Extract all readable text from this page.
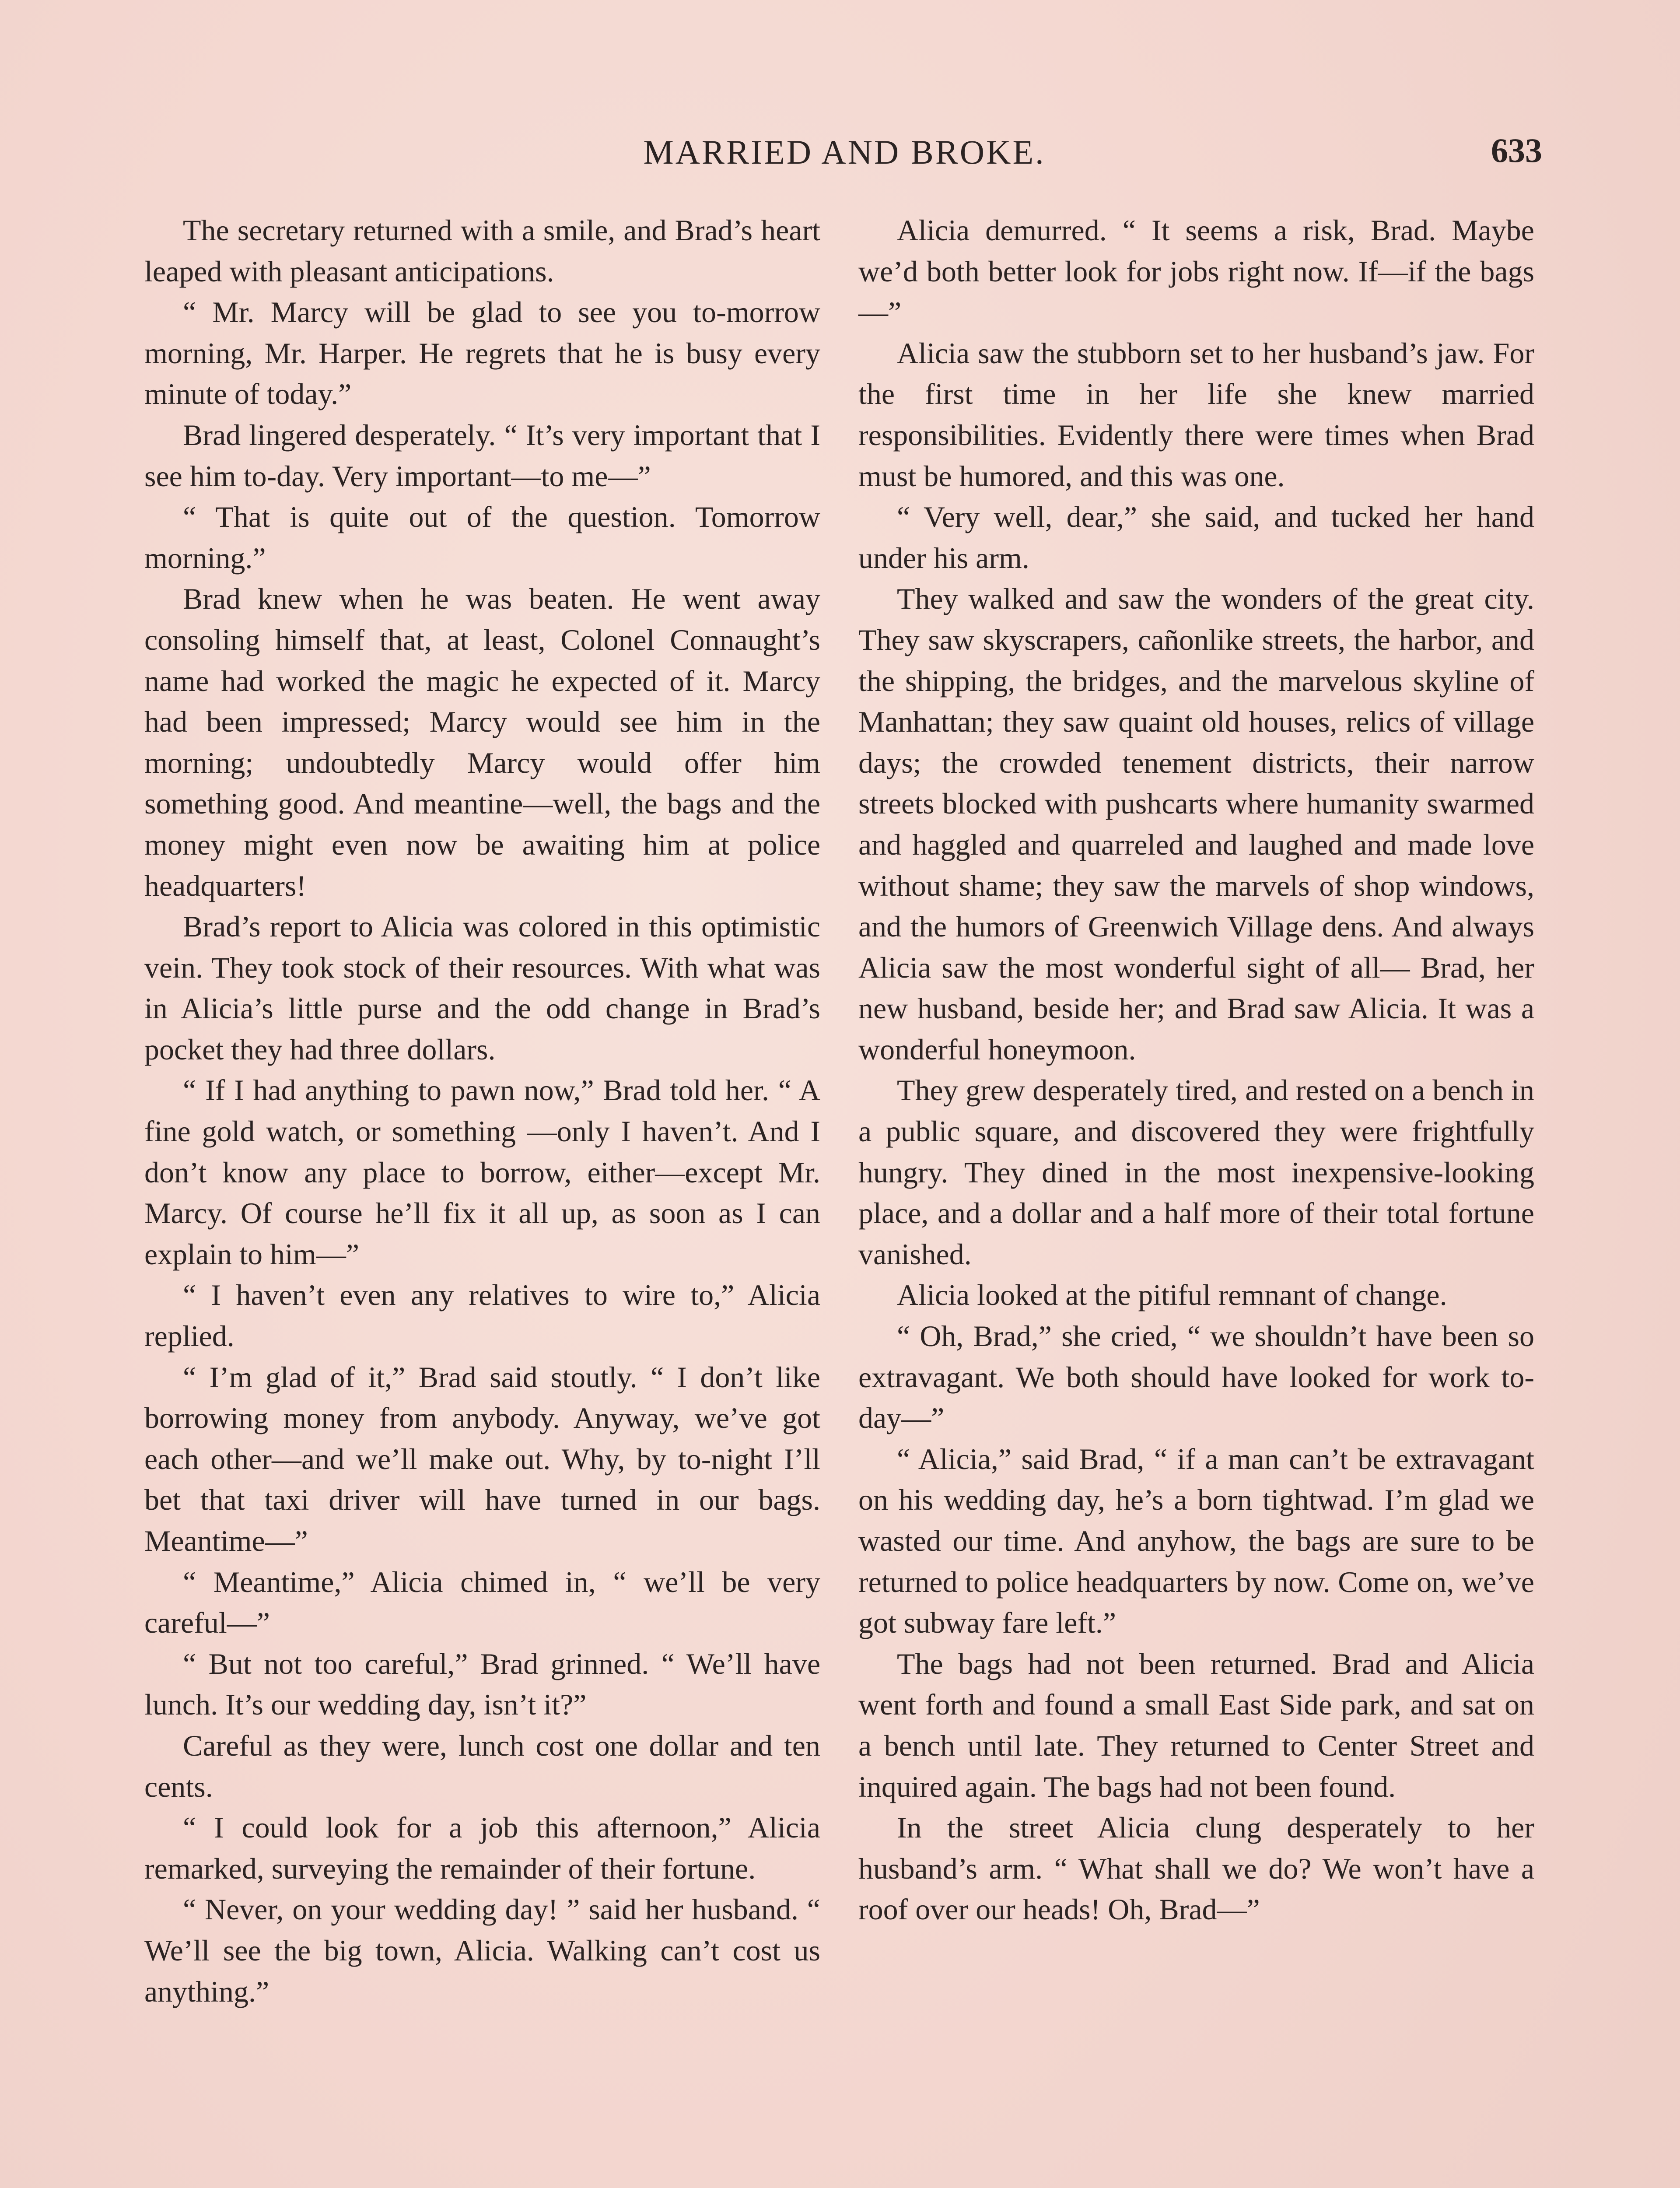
MARRIED AND BROKE.	633

The secretary returned with a smile, and Brad’s heart leaped with pleasant anticipations.

“ Mr. Marcy will be glad to see you to-morrow morning, Mr. Harper. He regrets that he is busy every minute of today.”

Brad lingered desperately. “ It’s very important that I see him to-day. Very important—to me—”

“ That is quite out of the question. Tomorrow morning.”

Brad knew when he was beaten. He went away consoling himself that, at least, Colonel Connaught’s name had worked the magic he expected of it. Marcy had been impressed; Marcy would see him in the morning; undoubtedly Marcy would offer him something good. And meantine—well, the bags and the money might even now be awaiting him at police headquarters!

Brad’s report to Alicia was colored in this optimistic vein. They took stock of their resources. With what was in Alicia’s little purse and the odd change in Brad’s pocket they had three dollars.

“ If I had anything to pawn now,” Brad told her. “ A fine gold watch, or something —only I haven’t. And I don’t know any place to borrow, either—except Mr. Marcy. Of course he’ll fix it all up, as soon as I can explain to him—”

“ I haven’t even any relatives to wire to,” Alicia replied.

“ I’m glad of it,” Brad said stoutly. “ I don’t like borrowing money from anybody. Anyway, we’ve got each other—and we’ll make out. Why, by to-night I’ll bet that taxi driver will have turned in our bags. Meantime—”

“ Meantime,” Alicia chimed in, “ we’ll be very careful—”

“ But not too careful,” Brad grinned. “ We’ll have lunch. It’s our wedding day, isn’t it?”

Careful as they were, lunch cost one dollar and ten cents.

“ I could look for a job this afternoon,” Alicia remarked, surveying the remainder of their fortune.

“ Never, on your wedding day! ” said her husband. “ We’ll see the big town, Alicia. Walking can’t cost us anything.”

Alicia demurred. “ It seems a risk, Brad. Maybe we’d both better look for jobs right now. If—if the bags—”

Alicia saw the stubborn set to her husband’s jaw. For the first time in her life she knew married responsibilities. Evidently there were times when Brad must be humored, and this was one.

“ Very well, dear,” she said, and tucked her hand under his arm.

They walked and saw the wonders of the great city. They saw skyscrapers, cañonlike streets, the harbor, and the shipping, the bridges, and the marvelous skyline of Manhattan; they saw quaint old houses, relics of village days; the crowded tenement districts, their narrow streets blocked with pushcarts where humanity swarmed and haggled and quarreled and laughed and made love without shame; they saw the marvels of shop windows, and the humors of Greenwich Village dens. And always Alicia saw the most wonderful sight of all— Brad, her new husband, beside her; and Brad saw Alicia. It was a wonderful honeymoon.

They grew desperately tired, and rested on a bench in a public square, and discovered they were frightfully hungry. They dined in the most inexpensive-looking place, and a dollar and a half more of their total fortune vanished.

Alicia looked at the pitiful remnant of change.

“ Oh, Brad,” she cried, “ we shouldn’t have been so extravagant. We both should have looked for work to-day—”

“ Alicia,” said Brad, “ if a man can’t be extravagant on his wedding day, he’s a born tightwad. I’m glad we wasted our time. And anyhow, the bags are sure to be returned to police headquarters by now. Come on, we’ve got subway fare left.”

The bags had not been returned. Brad and Alicia went forth and found a small East Side park, and sat on a bench until late. They returned to Center Street and inquired again. The bags had not been found.

In the street Alicia clung desperately to her husband’s arm. “ What shall we do? We won’t have a roof over our heads! Oh, Brad—”
